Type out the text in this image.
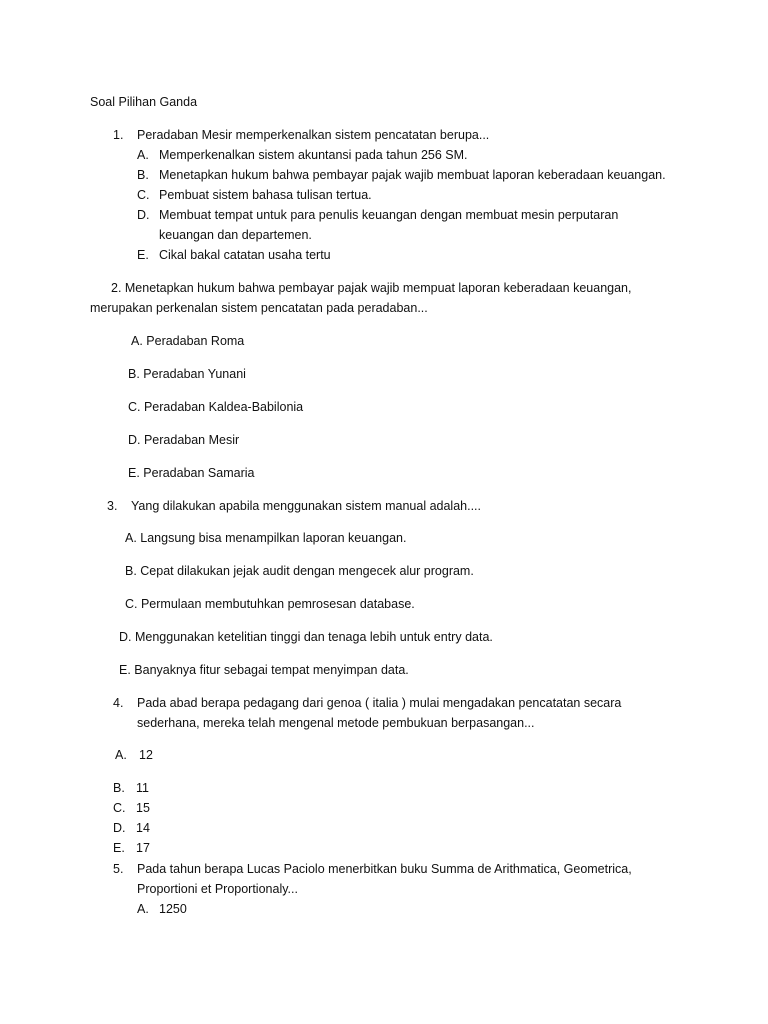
Soal Pilihan Ganda
1. Peradaban Mesir memperkenalkan sistem pencatatan berupa...
A. Memperkenalkan sistem akuntansi pada tahun 256 SM.
B. Menetapkan hukum bahwa pembayar pajak wajib membuat laporan keberadaan keuangan.
C. Pembuat sistem bahasa tulisan tertua.
D. Membuat tempat untuk para penulis keuangan dengan membuat mesin perputaran
keuangan dan departemen.
E. Cikal bakal catatan usaha tertu
2. Menetapkan hukum bahwa pembayar pajak wajib mempuat laporan keberadaan keuangan,
merupakan perkenalan sistem pencatatan pada peradaban...
A. Peradaban Roma
B. Peradaban Yunani
C. Peradaban Kaldea-Babilonia
D. Peradaban Mesir
E. Peradaban Samaria
3. Yang dilakukan apabila menggunakan sistem manual adalah....
A. Langsung bisa menampilkan laporan keuangan.
B. Cepat dilakukan jejak audit dengan mengecek alur program.
C. Permulaan membutuhkan pemrosesan database.
D. Menggunakan ketelitian tinggi dan tenaga lebih untuk entry data.
E. Banyaknya fitur sebagai tempat menyimpan data.
4. Pada abad berapa pedagang dari genoa ( italia ) mulai mengadakan pencatatan secara
sederhana, mereka telah mengenal metode pembukuan berpasangan...
A. 12
B. 11
C. 15
D. 14
E. 17
5. Pada tahun berapa Lucas Paciolo menerbitkan buku Summa de Arithmatica, Geometrica,
Proportioni et Proportionaly...
A. 1250
